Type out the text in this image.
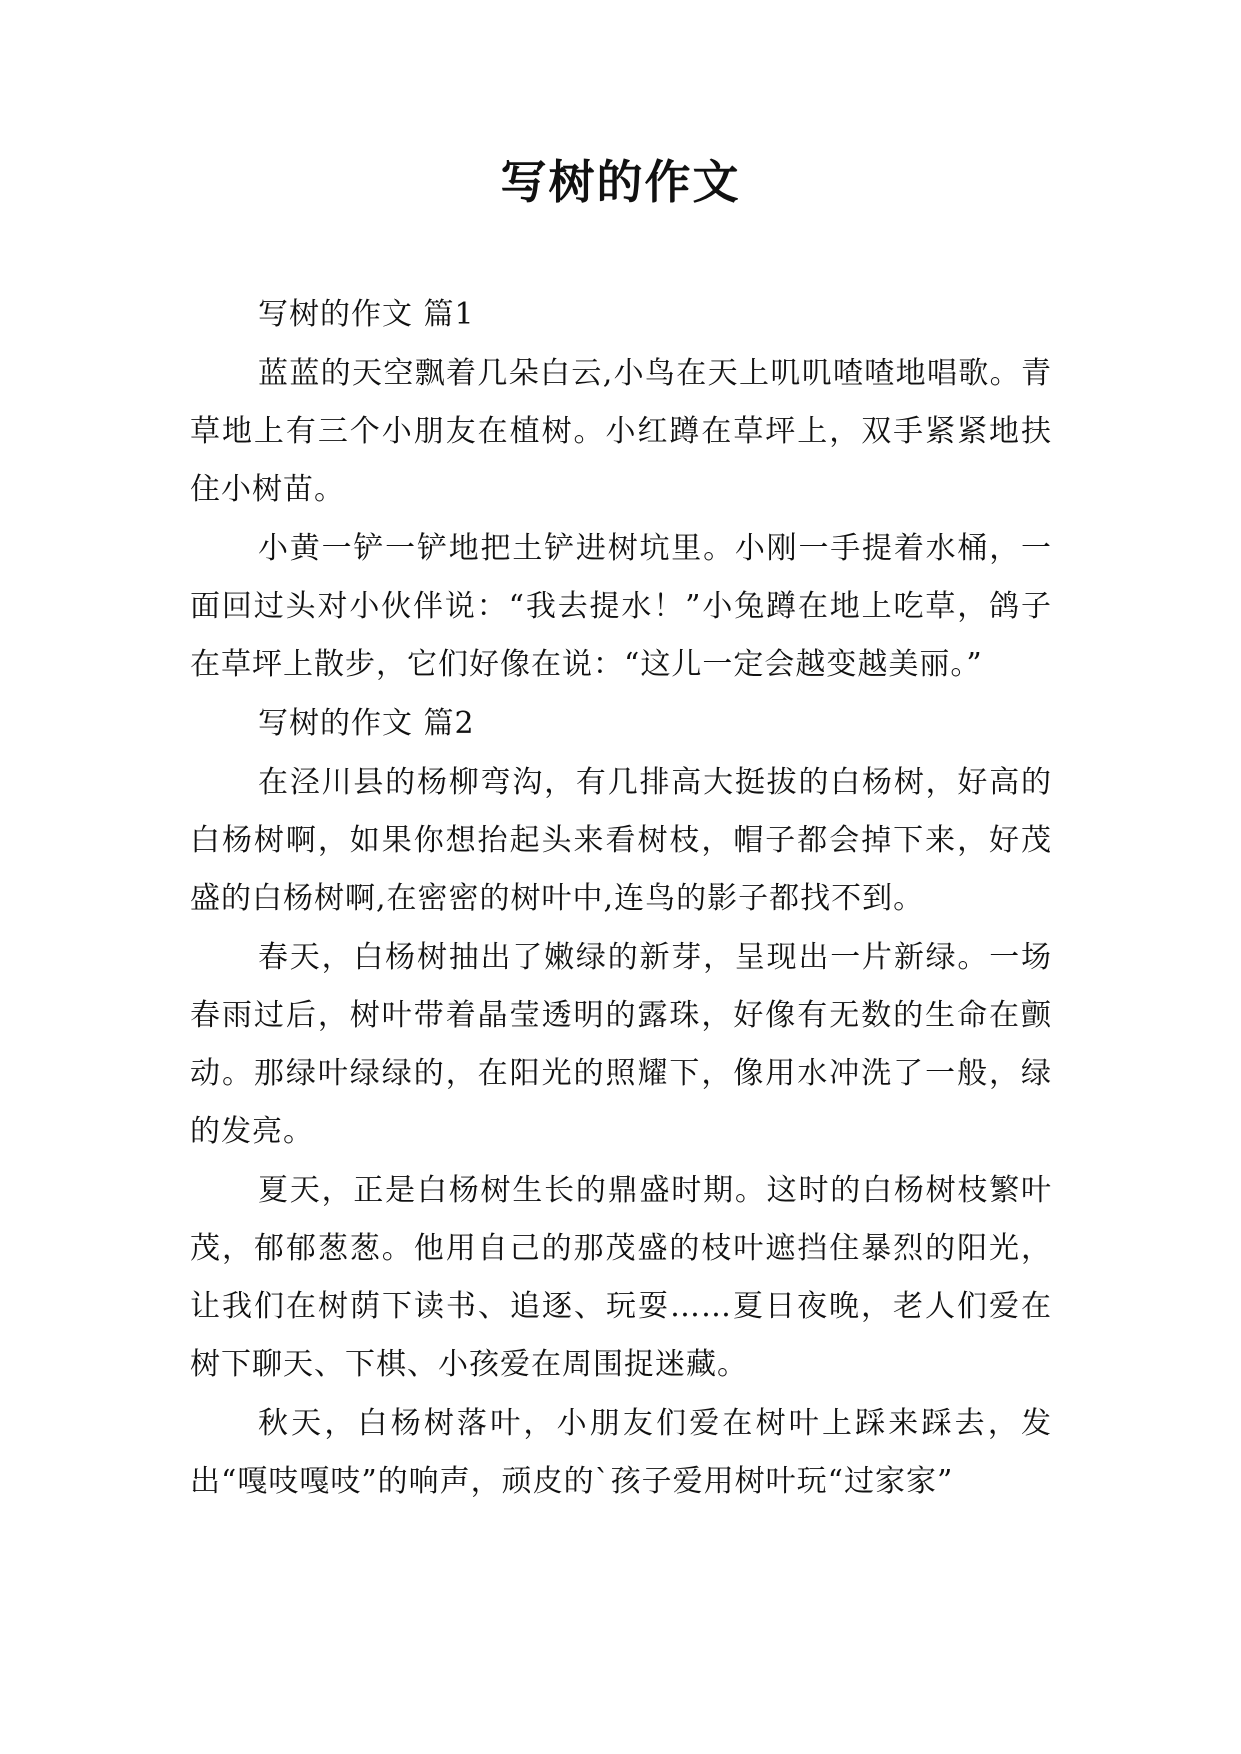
写树的作文

写树的作文 篇1

蓝蓝的天空飘着几朵白云,小鸟在天上叽叽喳喳地唱歌。青草地上有三个小朋友在植树。小红蹲在草坪上，双手紧紧地扶住小树苗。

小黄一铲一铲地把土铲进树坑里。小刚一手提着水桶，一面回过头对小伙伴说：“我去提水！”小兔蹲在地上吃草，鸽子在草坪上散步，它们好像在说：“这儿一定会越变越美丽。”

写树的作文 篇2

在泾川县的杨柳弯沟，有几排高大挺拔的白杨树，好高的白杨树啊，如果你想抬起头来看树枝，帽子都会掉下来，好茂盛的白杨树啊,在密密的树叶中,连鸟的影子都找不到。

春天，白杨树抽出了嫩绿的新芽，呈现出一片新绿。一场春雨过后，树叶带着晶莹透明的露珠，好像有无数的生命在颤动。那绿叶绿绿的，在阳光的照耀下，像用水冲洗了一般，绿的发亮。

夏天，正是白杨树生长的鼎盛时期。这时的白杨树枝繁叶茂，郁郁葱葱。他用自己的那茂盛的枝叶遮挡住暴烈的阳光，让我们在树荫下读书、追逐、玩耍……夏日夜晚，老人们爱在树下聊天、下棋、小孩爱在周围捉迷藏。

秋天，白杨树落叶，小朋友们爱在树叶上踩来踩去，发出“嘎吱嘎吱”的响声，顽皮的`孩子爱用树叶玩“过家家”
